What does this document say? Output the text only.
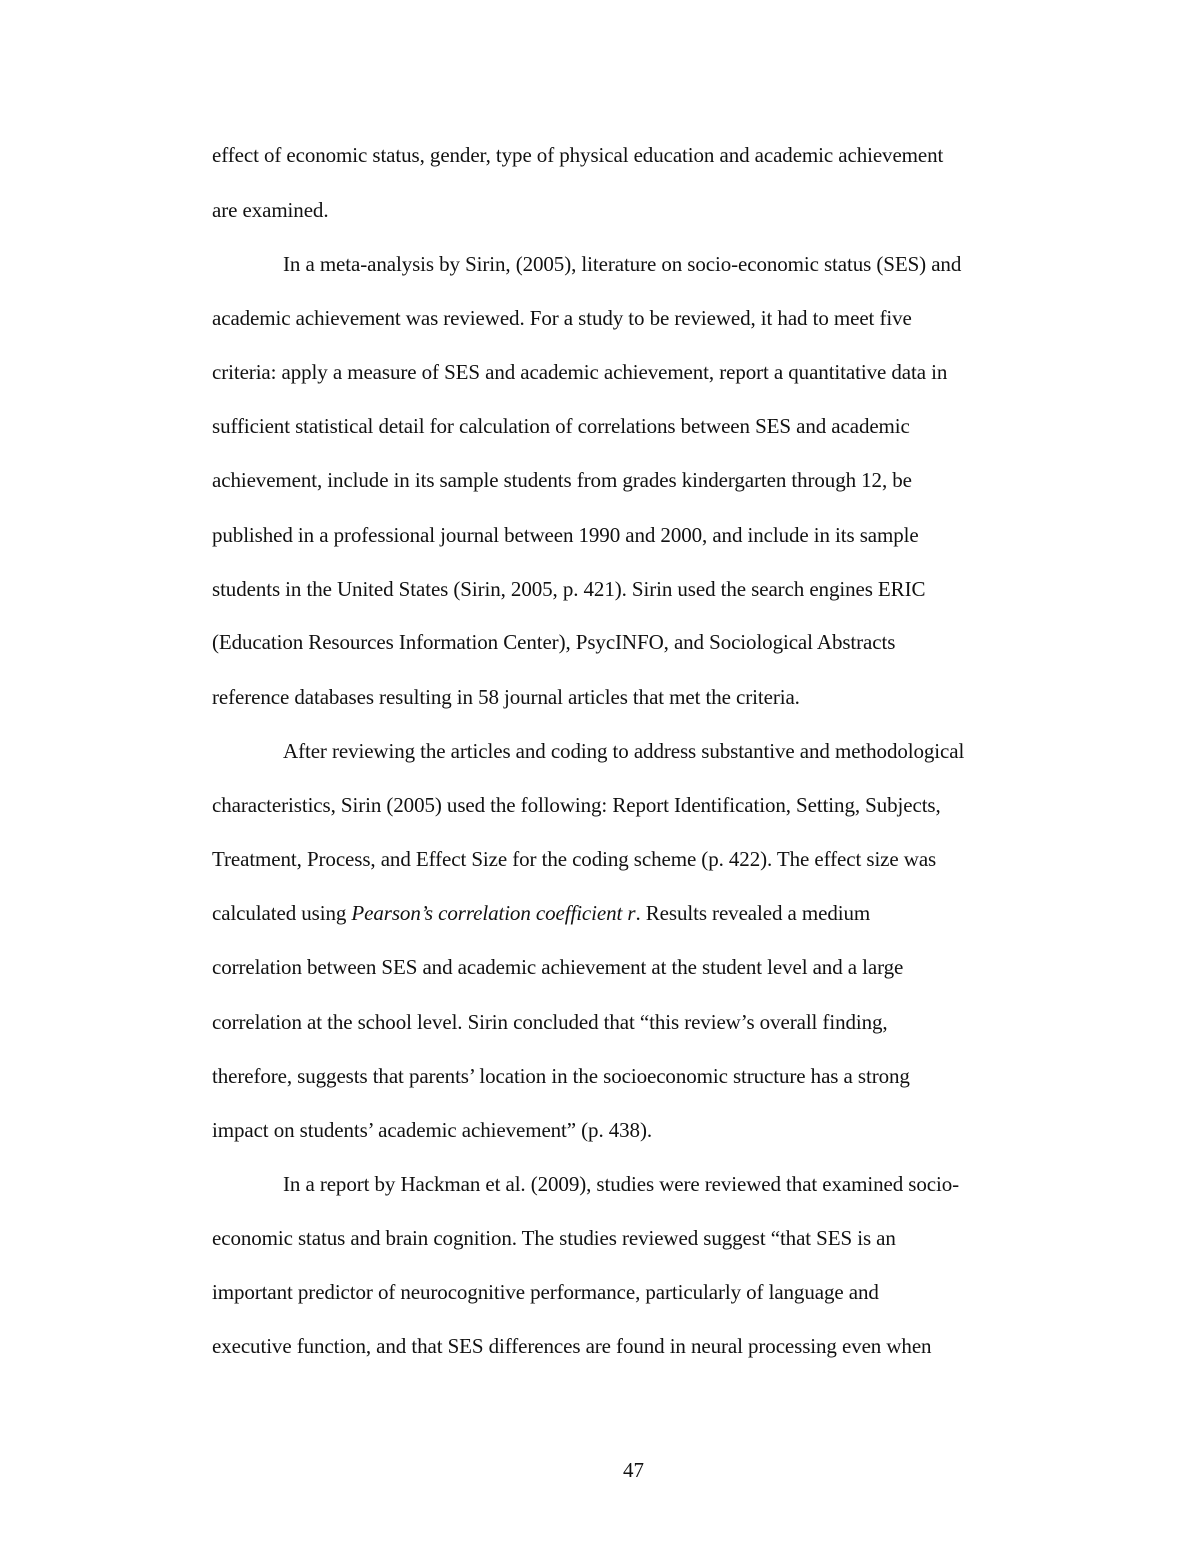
effect of economic status, gender, type of physical education and academic achievement
are examined.
In a meta-analysis by Sirin, (2005), literature on socio-economic status (SES) and
academic achievement was reviewed. For a study to be reviewed, it had to meet five
criteria: apply a measure of SES and academic achievement, report a quantitative data in
sufficient statistical detail for calculation of correlations between SES and academic
achievement, include in its sample students from grades kindergarten through 12, be
published in a professional journal between 1990 and 2000, and include in its sample
students in the United States (Sirin, 2005, p. 421). Sirin used the search engines ERIC
(Education Resources Information Center), PsycINFO, and Sociological Abstracts
reference databases resulting in 58 journal articles that met the criteria.
After reviewing the articles and coding to address substantive and methodological
characteristics, Sirin (2005) used the following: Report Identification, Setting, Subjects,
Treatment, Process, and Effect Size for the coding scheme (p. 422). The effect size was
calculated using Pearson’s correlation coefficient r. Results revealed a medium
correlation between SES and academic achievement at the student level and a large
correlation at the school level. Sirin concluded that “this review’s overall finding,
therefore, suggests that parents’ location in the socioeconomic structure has a strong
impact on students’ academic achievement” (p. 438).
In a report by Hackman et al. (2009), studies were reviewed that examined socio-
economic status and brain cognition. The studies reviewed suggest “that SES is an
important predictor of neurocognitive performance, particularly of language and
executive function, and that SES differences are found in neural processing even when
47
